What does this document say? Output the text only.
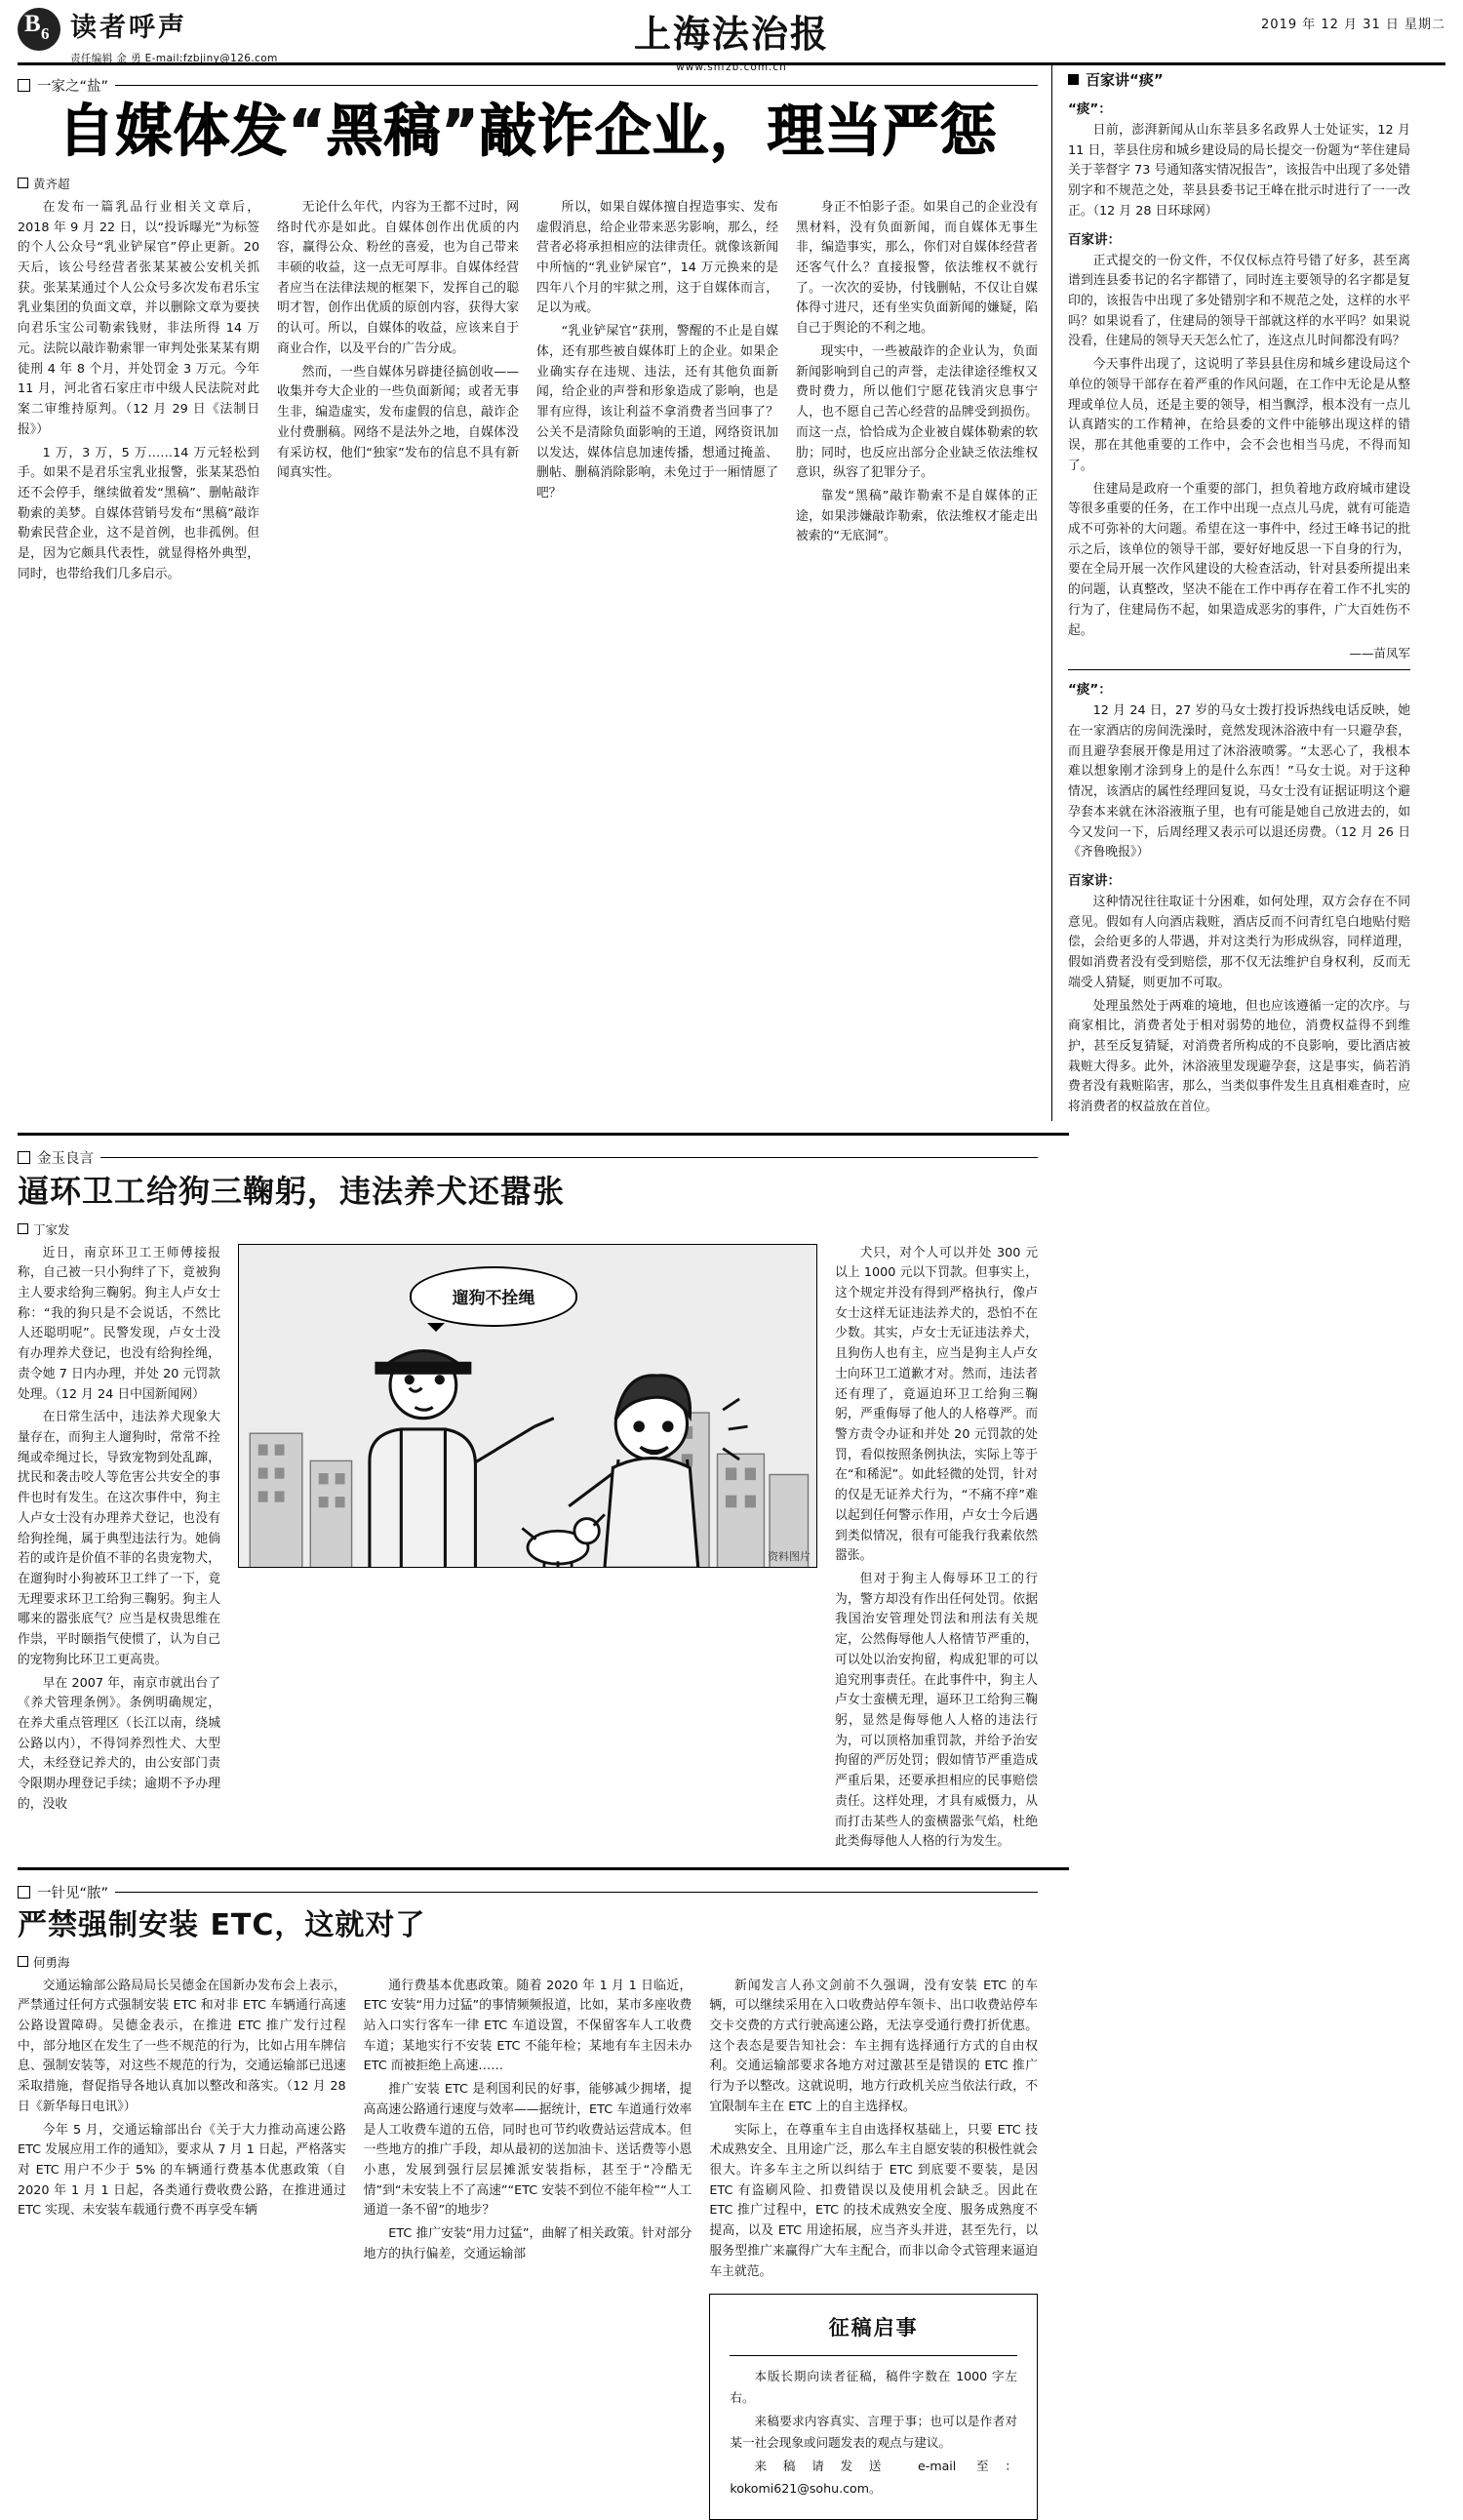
B 6 读者呼声
责任编辑 金 勇 E-mail:fzbjiny@126.com
上海法治报
www.shfzb.com.cn
2019 年 12 月 31 日 星期二
一家之“盐”
自媒体发“黑稿”敲诈企业，理当严惩
黄齐超

在发布一篇乳品行业相关文章后，2018 年 9 月 22 日，以“投诉曝光”为标签的个人公众号“乳业铲屎官”停止更新。20 天后，该公号经营者张某某被公安机关抓获。张某某通过个人公众号多次发布君乐宝乳业集团的负面文章，并以删除文章为要挟向君乐宝公司勒索钱财，非法所得 14 万元。法院以敲诈勒索罪一审判处张某某有期徒刑 4 年 8 个月，并处罚金 3 万元。今年 11 月，河北省石家庄市中级人民法院对此案二审维持原判。（12 月 29 日《法制日报》）

1 万，3 万，5 万……14 万元轻松到手。如果不是君乐宝乳业报警，张某某恐怕还不会停手，继续做着发“黑稿”、删帖敲诈勒索的美梦。自媒体营销号发布“黑稿”敲诈勒索民营企业，这不是首例，也非孤例。但是，因为它颇具代表性，就显得格外典型，同时，也带给我们几多启示。

无论什么年代，内容为王都不过时，网络时代亦是如此。自媒体创作出优质的内容，赢得公众、粉丝的喜爱，也为自己带来丰硕的收益，这一点无可厚非。自媒体经营者应当在法律法规的框架下，发挥自己的聪明才智，创作出优质的原创内容，获得大家的认可。所以，自媒体的收益，应该来自于商业合作，以及平台的广告分成。

然而，一些自媒体另辟捷径搞创收——收集并夸大企业的一些负面新闻；或者无事生非，编造虚实，发布虚假的信息，敲诈企业付费删稿。网络不是法外之地，自媒体没有采访权，他们“独家”发布的信息不具有新闻真实性。

所以，如果自媒体擅自捏造事实、发布虚假消息，给企业带来恶劣影响，那么，经营者必将承担相应的法律责任。就像该新闻中所恼的“乳业铲屎官”，14 万元换来的是四年八个月的牢狱之刑，这于自媒体而言，足以为戒。

“乳业铲屎官”获刑，警醒的不止是自媒体，还有那些被自媒体盯上的企业。如果企业确实存在违规、违法，还有其他负面新闻，给企业的声誉和形象造成了影响，也是罪有应得，该让利益不拿消费者当回事了？公关不是清除负面影响的王道，网络资讯加以发达，媒体信息加速传播，想通过掩盖、删帖、删稿消除影响，未免过于一厢情愿了吧？

身正不怕影子歪。如果自己的企业没有黑材料，没有负面新闻，而自媒体无事生非，编造事实，那么，你们对自媒体经营者还客气什么？直接报警，依法维权不就行了。一次次的妥协，付钱删帖，不仅让自媒体得寸进尺，还有坐实负面新闻的嫌疑，陷自己于舆论的不利之地。

现实中，一些被敲诈的企业认为，负面新闻影响到自己的声誉，走法律途径维权又费时费力，所以他们宁愿花钱消灾息事宁人，也不愿自己苦心经营的品牌受到损伤。而这一点，恰恰成为企业被自媒体勒索的软肋；同时，也反应出部分企业缺乏依法维权意识，纵容了犯罪分子。

靠发“黑稿”敲诈勒索不是自媒体的正途，如果涉嫌敲诈勒索，依法维权才能走出被索的“无底洞”。

百家讲“痰”
“痰”：

日前，澎湃新闻从山东莘县多名政界人士处证实，12 月 11 日，莘县住房和城乡建设局的局长提交一份题为“莘住建局关于莘督字 73 号通知落实情况报告”，该报告中出现了多处错别字和不规范之处，莘县县委书记王峰在批示时进行了一一改正。（12 月 28 日环球网）

百家讲：

正式提交的一份文件，不仅仅标点符号错了好多，甚至离谱到连县委书记的名字都错了，同时连主要领导的名字都是复印的，该报告中出现了多处错别字和不规范之处，这样的水平吗？如果说看了，住建局的领导干部就这样的水平吗？如果说没看，住建局的领导天天怎么忙了，连这点儿时间都没有吗？

今天事件出现了，这说明了莘县县住房和城乡建设局这个单位的领导干部存在着严重的作风问题，在工作中无论是从整理或单位人员，还是主要的领导，相当飘浮，根本没有一点儿认真踏实的工作精神，在给县委的文件中能够出现这样的错误，那在其他重要的工作中，会不会也相当马虎，不得而知了。

住建局是政府一个重要的部门，担负着地方政府城市建设等很多重要的任务，在工作中出现一点点儿马虎，就有可能造成不可弥补的大问题。希望在这一事件中，经过王峰书记的批示之后，该单位的领导干部，要好好地反思一下自身的行为，要在全局开展一次作风建设的大检查活动，针对县委所提出来的问题，认真整改，坚决不能在工作中再存在着工作不扎实的行为了，住建局伤不起，如果造成恶劣的事件，广大百姓伤不起。

——苗凤军
“痰”：

12 月 24 日，27 岁的马女士拨打投诉热线电话反映，她在一家酒店的房间洗澡时，竟然发现沐浴液中有一只避孕套，而且避孕套展开像是用过了沐浴液喷雾。“太恶心了，我根本难以想象刚才涂到身上的是什么东西！”马女士说。对于这种情况，该酒店的属性经理回复说，马女士没有证据证明这个避孕套本来就在沐浴液瓶子里，也有可能是她自己放进去的，如今又发问一下，后周经理又表示可以退还房费。（12 月 26 日《齐鲁晚报》）

百家讲：

这种情况往往取证十分困难，如何处理，双方会存在不同意见。假如有人向酒店栽赃，酒店反而不问青红皂白地贴付赔偿，会给更多的人带遇，并对这类行为形成纵容，同样道理，假如消费者没有受到赔偿，那不仅无法维护自身权利，反而无端受人猜疑，则更加不可取。

处理虽然处于两难的境地，但也应该遵循一定的次序。与商家相比，消费者处于相对弱势的地位，消费权益得不到维护，甚至反复猜疑，对消费者所构成的不良影响，要比酒店被栽赃大得多。此外，沐浴液里发现避孕套，这是事实，倘若消费者没有栽赃陷害，那么，当类似事件发生且真相难查时，应将消费者的权益放在首位。

金玉良言
逼环卫工给狗三鞠躬，违法养犬还嚣张
丁家发

近日，南京环卫工王师傅接报称，自己被一只小狗绊了下，竟被狗主人要求给狗三鞠躬。狗主人卢女士称：“我的狗只是不会说话，不然比人还聪明呢”。民警发现，卢女士没有办理养犬登记，也没有给狗拴绳，责令她 7 日内办理，并处 20 元罚款处理。（12 月 24 日中国新闻网）

在日常生活中，违法养犬现象大量存在，而狗主人遛狗时，常常不拴绳或牵绳过长，导致宠物到处乱蹿，扰民和袭击咬人等危害公共安全的事件也时有发生。在这次事件中，狗主人卢女士没有办理养犬登记，也没有给狗拴绳，属于典型违法行为。她倘若的或许是价值不菲的名贵宠物犬，在遛狗时小狗被环卫工绊了一下，竟无理要求环卫工给狗三鞠躬。狗主人哪来的嚣张底气？应当是权贵思维在作祟，平时颐指气使惯了，认为自己的宠物狗比环卫工更高贵。

早在 2007 年，南京市就出台了《养犬管理条例》。条例明确规定，在养犬重点管理区（长江以南，绕城公路以内），不得饲养烈性犬、大型犬，未经登记养犬的，由公安部门责令限期办理登记手续；逾期不予办理的，没收

遛狗不拴绳
资料图片

犬只，对个人可以并处 300 元以上 1000 元以下罚款。但事实上，这个规定并没有得到严格执行，像卢女士这样无证违法养犬的，恐怕不在少数。其实，卢女士无证违法养犬，且狗伤人也有主，应当是狗主人卢女士向环卫工道歉才对。然而，违法者还有理了，竟逼迫环卫工给狗三鞠躬，严重侮辱了他人的人格尊严。而警方责令办证和并处 20 元罚款的处罚，看似按照条例执法，实际上等于在“和稀泥”。如此轻微的处罚，针对的仅是无证养犬行为，“不痛不痒”难以起到任何警示作用，卢女士今后遇到类似情况，很有可能我行我素依然嚣张。

但对于狗主人侮辱环卫工的行为，警方却没有作出任何处罚。依据我国治安管理处罚法和刑法有关规定，公然侮辱他人人格情节严重的，可以处以治安拘留，构成犯罪的可以追究刑事责任。在此事件中，狗主人卢女士蛮横无理，逼环卫工给狗三鞠躬，显然是侮辱他人人格的违法行为，可以顶格加重罚款，并给予治安拘留的严厉处罚；假如情节严重造成严重后果，还要承担相应的民事赔偿责任。这样处理，才具有威慑力，从而打击某些人的蛮横嚣张气焰，杜绝此类侮辱他人人格的行为发生。

一针见“脓”
严禁强制安装 ETC，这就对了
何勇海

交通运输部公路局局长吴德金在国新办发布会上表示，严禁通过任何方式强制安装 ETC 和对非 ETC 车辆通行高速公路设置障碍。吴德金表示，在推进 ETC 推广发行过程中，部分地区在发生了一些不规范的行为，比如占用车牌信息、强制安装等，对这些不规范的行为，交通运输部已迅速采取措施，督促指导各地认真加以整改和落实。（12 月 28 日《新华每日电讯》）

今年 5 月，交通运输部出台《关于大力推动高速公路 ETC 发展应用工作的通知》，要求从 7 月 1 日起，严格落实对 ETC 用户不少于 5% 的车辆通行费基本优惠政策（自 2020 年 1 月 1 日起，各类通行费收费公路，在推进通过 ETC 实现、未安装车载通行费不再享受车辆

通行费基本优惠政策。随着 2020 年 1 月 1 日临近，ETC 安装“用力过猛”的事情频频报道，比如，某市多座收费站入口实行客车一律 ETC 车道设置，不保留客车人工收费车道；某地实行不安装 ETC 不能年检；某地有车主因未办 ETC 而被拒绝上高速……

推广安装 ETC 是利国利民的好事，能够减少拥堵，提高高速公路通行速度与效率——据统计，ETC 车道通行效率是人工收费车道的五倍，同时也可节约收费站运营成本。但一些地方的推广手段，却从最初的送加油卡、送话费等小恩小惠，发展到强行层层摊派安装指标，甚至于“冷酷无情”到“未安装上不了高速”“ETC 安装不到位不能年检”“人工通道一条不留”的地步？

ETC 推广安装“用力过猛”，曲解了相关政策。针对部分地方的执行偏差，交通运输部

新闻发言人孙文剑前不久强调，没有安装 ETC 的车辆，可以继续采用在入口收费站停车领卡、出口收费站停车交卡交费的方式行驶高速公路，无法享受通行费打折优惠。这个表态是要告知社会：车主拥有选择通行方式的自由权利。交通运输部要求各地方对过激甚至是错误的 ETC 推广行为予以整改。这就说明，地方行政机关应当依法行政，不宜限制车主在 ETC 上的自主选择权。

实际上，在尊重车主自由选择权基础上，只要 ETC 技术成熟安全、且用途广泛，那么车主自愿安装的积极性就会很大。许多车主之所以纠结于 ETC 到底要不要装，是因 ETC 有盗刷风险、扣费错误以及使用机会缺乏。因此在 ETC 推广过程中，ETC 的技术成熟安全度、服务成熟度不提高，以及 ETC 用途拓展，应当齐头并进，甚至先行，以服务型推广来赢得广大车主配合，而非以命令式管理来逼迫车主就范。

征稿启事

本版长期向读者征稿，稿件字数在 1000 字左右。

来稿要求内容真实、言理于事；也可以是作者对某一社会现象或问题发表的观点与建议。

来稿请发送 e-mail 至：kokomi621@sohu.com。
